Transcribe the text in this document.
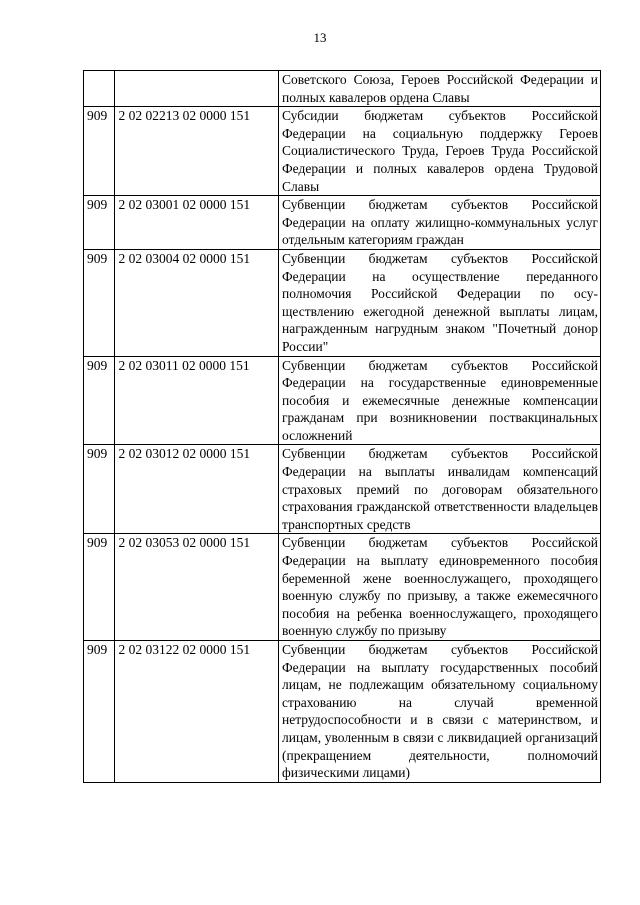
13
		Советского Союза, Героев Российской Федерации и полных кавалеров ордена Славы
909	2 02 02213 02 0000 151	Субсидии бюджетам субъектов Российской Федерации на социальную поддержку Героев Социалистического Труда, Героев Труда Российской Федерации и полных кавалеров ордена Трудовой Славы
909	2 02 03001 02 0000 151	Субвенции бюджетам субъектов Российской Федерации на оплату жилищно-коммунальных услуг отдельным категориям граждан
909	2 02 03004 02 0000 151	Субвенции бюджетам субъектов Российской Федерации на осуществление переданного полномочия Российской Федерации по осуществлению ежегодной денежной выплаты лицам, награжденным нагрудным знаком "Почетный донор России"
909	2 02 03011 02 0000 151	Субвенции бюджетам субъектов Российской Федерации на государственные единовременные пособия и ежемесячные денежные компенсации гражданам при возникновении поствакцинальных осложнений
909	2 02 03012 02 0000 151	Субвенции бюджетам субъектов Российской Федерации на выплаты инвалидам компенсаций страховых премий по договорам обязательного страхования гражданской ответственности владельцев транспортных средств
909	2 02 03053 02 0000 151	Субвенции бюджетам субъектов Российской Федерации на выплату единовременного пособия беременной жене военнослужащего, проходящего военную службу по призыву, а также ежемесячного пособия на ребенка военнослужащего, проходящего военную службу по призыву
909	2 02 03122 02 0000 151	Субвенции бюджетам субъектов Российской Федерации на выплату государственных пособий лицам, не подлежащим обязательному социальному страхованию на случай временной нетрудоспособности и в связи с материнством, и лицам, уволенным в связи с ликвидацией организаций (прекращением деятельности, полномочий физическими лицами)
